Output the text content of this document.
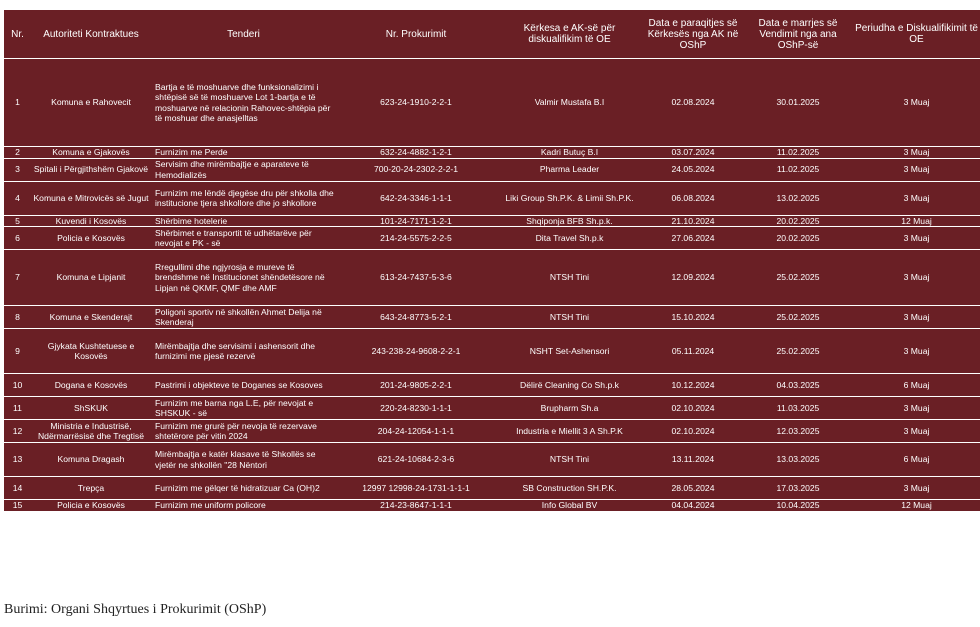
Nr.	Autoriteti Kontraktues	Tenderi	Nr. Prokurimit	Kërkesa e AK-së për diskualifikim të OE	Data e paraqitjes së Kërkesës nga AK në OShP	Data e marrjes së Vendimit nga ana OShP-së	Periudha e Diskualifikimit të OE
1	Komuna e Rahovecit	Bartja e të moshuarve dhe funksionalizimi i shtëpisë së të moshuarve Lot 1-bartja e të moshuarve në relacionin Rahovec-shtëpia për të moshuar dhe anasjelltas	623-24-1910-2-2-1	Valmir Mustafa B.I	02.08.2024	30.01.2025	3 Muaj
2	Komuna e Gjakovës	Furnizim me Perde	632-24-4882-1-2-1	Kadri Butuç B.I	03.07.2024	11.02.2025	3 Muaj
3	Spitali i Përgjithshëm Gjakovë	Servisim dhe mirëmbajtje e aparateve të Hemodializës	700-20-24-2302-2-2-1	Pharma Leader	24.05.2024	11.02.2025	3 Muaj
4	Komuna e Mitrovicës së Jugut	Furnizim me lëndë djegëse dru për shkolla dhe institucione tjera shkollore dhe jo shkollore	642-24-3346-1-1-1	Liki Group Sh.P.K. & Limii Sh.P.K.	06.08.2024	13.02.2025	3 Muaj
5	Kuvendi i Kosovës	Shërbime hotelerie	101-24-7171-1-2-1	Shqiponja BFB Sh.p.k.	21.10.2024	20.02.2025	12 Muaj
6	Policia e Kosovës	Shërbimet e transportit të udhëtarëve për nevojat e PK - së	214-24-5575-2-2-5	Dita Travel Sh.p.k	27.06.2024	20.02.2025	3 Muaj
7	Komuna e Lipjanit	Rregullimi dhe ngjyrosja e mureve të brendshme në Institucionet shëndetësore në Lipjan në QKMF, QMF dhe AMF	613-24-7437-5-3-6	NTSH Tini	12.09.2024	25.02.2025	3 Muaj
8	Komuna e Skenderajt	Poligoni sportiv në shkollën Ahmet Delija në Skenderaj	643-24-8773-5-2-1	NTSH Tini	15.10.2024	25.02.2025	3 Muaj
9	Gjykata Kushtetuese e Kosovës	Mirëmbajtja dhe servisimi i ashensorit dhe furnizimi me pjesë rezervë	243-238-24-9608-2-2-1	NSHT Set-Ashensori	05.11.2024	25.02.2025	3 Muaj
10	Dogana e Kosovës	Pastrimi i objekteve te Doganes se Kosoves	201-24-9805-2-2-1	Dëlirë Cleaning Co Sh.p.k	10.12.2024	04.03.2025	6 Muaj
11	ShSKUK	Furnizim me barna nga L.E, për nevojat e SHSKUK - së	220-24-8230-1-1-1	Brupharm Sh.a	02.10.2024	11.03.2025	3 Muaj
12	Ministria e Industrisë, Ndërmarrësisë dhe Tregtisë	Furnizim me grurë për nevoja të rezervave shtetërore për vitin 2024	204-24-12054-1-1-1	Industria e Miellit 3 A Sh.P.K	02.10.2024	12.03.2025	3 Muaj
13	Komuna Dragash	Mirëmbajtja e katër klasave të Shkollës se vjetër ne shkollën "28 Nëntori	621-24-10684-2-3-6	NTSH Tini	13.11.2024	13.03.2025	6 Muaj
14	Trepça	Furnizim me gëlqer të hidratizuar Ca (OH)2	12997 12998-24-1731-1-1-1	SB Construction SH.P.K.	28.05.2024	17.03.2025	3 Muaj
15	Policia e Kosovës	Furnizim me uniform policore	214-23-8647-1-1-1	Info Global BV	04.04.2024	10.04.2025	12 Muaj
Burimi: Organi Shqyrtues i Prokurimit (OShP)
